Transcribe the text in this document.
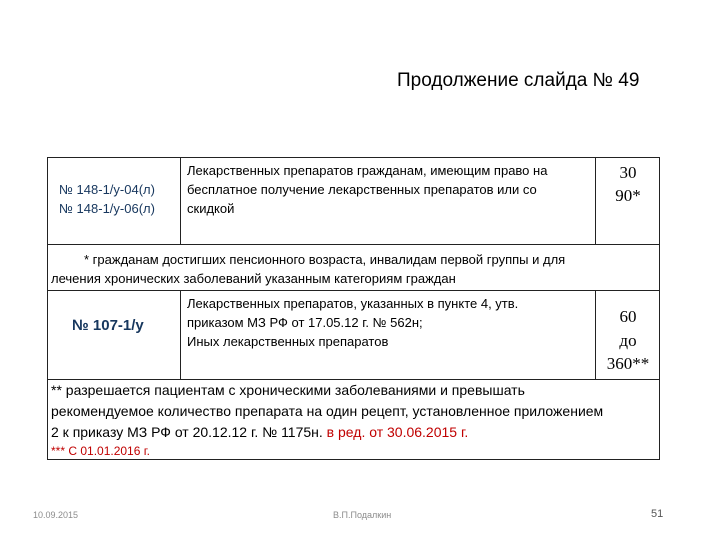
Продолжение слайда № 49
№ 148-1/у-04(л)
№ 148-1/у-06(л)
Лекарственных препаратов гражданам, имеющим право на
бесплатное получение лекарственных препаратов или со
скидкой
30
90*
* гражданам достигших пенсионного возраста, инвалидам первой группы и для
лечения хронических заболеваний указанным категориям граждан
№ 107-1/у
Лекарственных препаратов, указанных в пункте 4, утв.
приказом МЗ РФ от 17.05.12 г. № 562н;
Иных лекарственных препаратов
60
до
360**
** разрешается пациентам с хроническими заболеваниями и превышать
рекомендуемое количество препарата на один рецепт, установленное приложением
2 к приказу МЗ РФ от 20.12.12 г. № 1175н. в ред. от 30.06.2015 г.
*** С 01.01.2016 г.
10.09.2015	В.П.Подалкин	51
